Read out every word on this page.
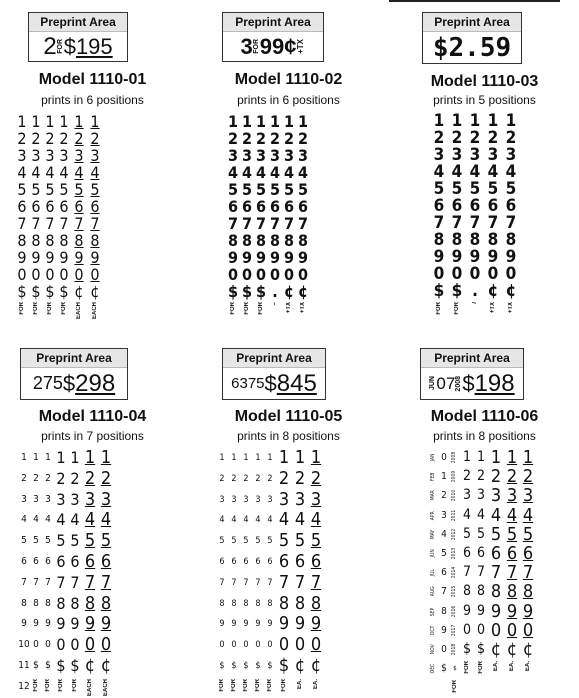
Preprint Area
2 FOR $ 195
Model 1110-01
prints in 6 positions
1
2
3
4
5
6
7
8
9
0
$
FOR
1
2
3
4
5
6
7
8
9
0
$
FOR
1
2
3
4
5
6
7
8
9
0
$
FOR
1
2
3
4
5
6
7
8
9
0
$
FOR
1
2
3
4
5
6
7
8
9
0
¢
EACH
1
2
3
4
5
6
7
8
9
0
¢
EACH
Preprint Area
3 FOR 99¢ +TX
Model 1110-02
prints in 6 positions
1
2
3
4
5
6
7
8
9
0
$
FOR
1
2
3
4
5
6
7
8
9
0
$
FOR
1
2
3
4
5
6
7
8
9
0
$
FOR
1
2
3
4
5
6
7
8
9
0
.
–
1
2
3
4
5
6
7
8
9
0
¢
+TX
1
2
3
4
5
6
7
8
9
0
¢
+TX
Preprint Area
$2.59
Model 1110-03
prints in 5 positions
1
2
3
4
5
6
7
8
9
0
$
FOR
1
2
3
4
5
6
7
8
9
0
$
FOR
1
2
3
4
5
6
7
8
9
0
.
/
1
2
3
4
5
6
7
8
9
0
¢
+TX
1
2
3
4
5
6
7
8
9
0
¢
+TX
Preprint Area
275 $ 298
Model 1110-04
prints in 7 positions
1
2
3
4
5
6
7
8
9
10
11
12
1
2
3
4
5
6
7
8
9
0
$
FOR
1
2
3
4
5
6
7
8
9
0
$
FOR
1
2
3
4
5
6
7
8
9
0
$
FOR
1
2
3
4
5
6
7
8
9
0
$
FOR
1
2
3
4
5
6
7
8
9
0
¢
EACH
1
2
3
4
5
6
7
8
9
0
¢
EACH
Preprint Area
6375 $ 845
Model 1110-05
prints in 8 positions
1
2
3
4
5
6
7
8
9
0
$
FOR
1
2
3
4
5
6
7
8
9
0
$
FOR
1
2
3
4
5
6
7
8
9
0
$
FOR
1
2
3
4
5
6
7
8
9
0
$
FOR
1
2
3
4
5
6
7
8
9
0
$
FOR
1
2
3
4
5
6
7
8
9
0
$
FOR
1
2
3
4
5
6
7
8
9
0
¢
EA.
1
2
3
4
5
6
7
8
9
0
¢
EA.
Preprint Area
JUN 07 2008 $ 198
Model 1110-06
prints in 8 positions
JAN
FEB
MAR
APR
MAY
JUN
JUL
AUG
SEP
OCT
NOV
DEC
0
1
2
3
4
5
6
7
8
9
0
$
2008
2009
2010
2011
2012
2013
2014
2015
2016
2017
2018
$
FOR
1
2
3
4
5
6
7
8
9
0
$
FOR
1
2
3
4
5
6
7
8
9
0
$
FOR
1
2
3
4
5
6
7
8
9
0
¢
EA.
1
2
3
4
5
6
7
8
9
0
¢
EA.
1
2
3
4
5
6
7
8
9
0
¢
EA.
